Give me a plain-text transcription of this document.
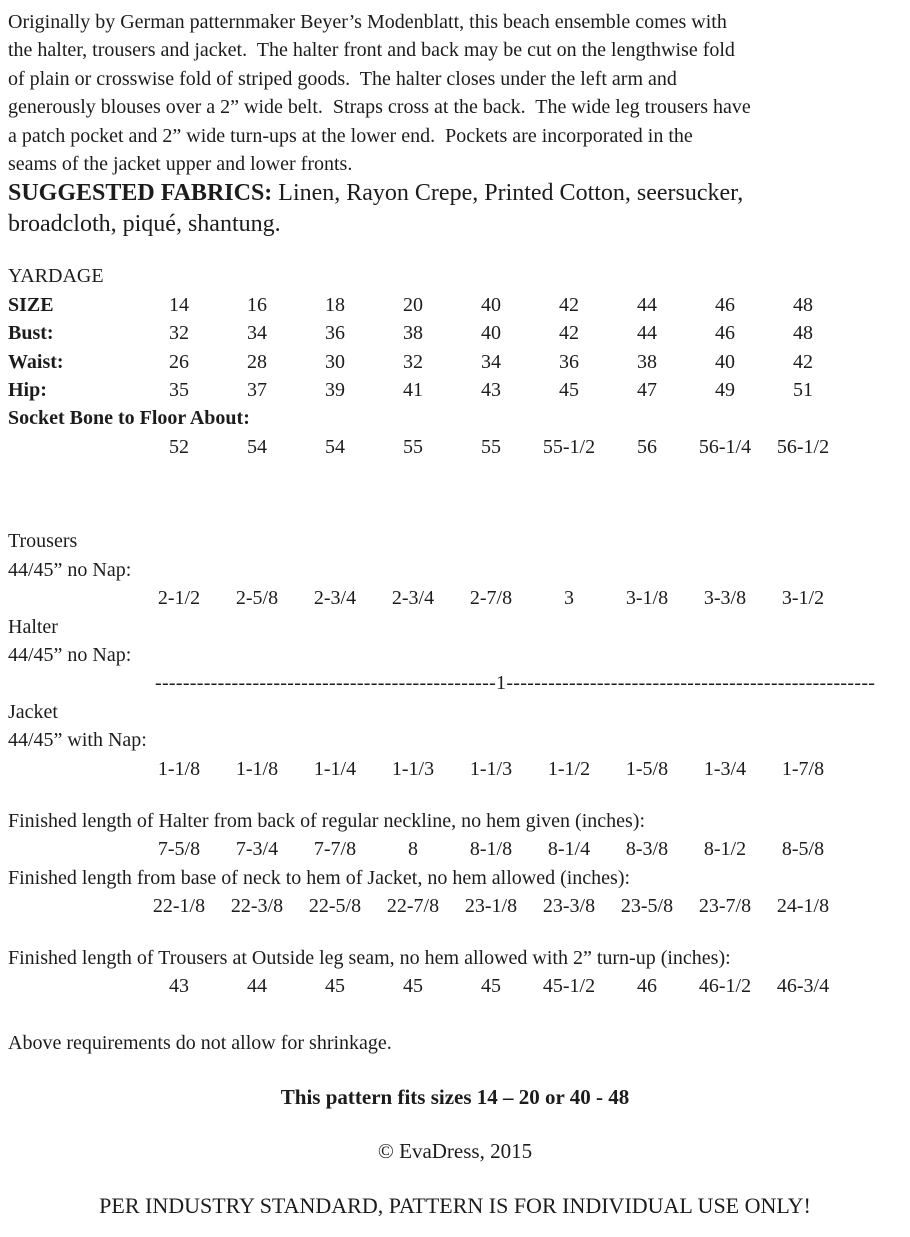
Originally by German patternmaker Beyer’s Modenblatt, this beach ensemble comes with
the halter, trousers and jacket.  The halter front and back may be cut on the lengthwise fold
of plain or crosswise fold of striped goods.  The halter closes under the left arm and
generously blouses over a 2” wide belt.  Straps cross at the back.  The wide leg trousers have
a patch pocket and 2” wide turn-ups at the lower end.  Pockets are incorporated in the
seams of the jacket upper and lower fronts.
SUGGESTED FABRICS: Linen, Rayon Crepe, Printed Cotton, seersucker,
broadcloth, piqué, shantung.
YARDAGE
SIZE	14	16	18	20	40	42	44	46	48
Bust:	32	34	36	38	40	42	44	46	48
Waist:	26	28	30	32	34	36	38	40	42
Hip:	35	37	39	41	43	45	47	49	51
Socket Bone to Floor About:
52	54	54	55	55	55-1/2	56	56-1/4	56-1/2
Trousers
44/45” no Nap:
2-1/2	2-5/8	2-3/4	2-3/4	2-7/8	3	3-1/8	3-3/8	3-1/2
Halter
44/45” no Nap:
-------------------------------------------------1-----------------------------------------------------
Jacket
44/45” with Nap:
1-1/8	1-1/8	1-1/4	1-1/3	1-1/3	1-1/2	1-5/8	1-3/4	1-7/8
Finished length of Halter from back of regular neckline, no hem given (inches):
7-5/8	7-3/4	7-7/8	8	8-1/8	8-1/4	8-3/8	8-1/2	8-5/8
Finished length from base of neck to hem of Jacket, no hem allowed (inches):
22-1/8	22-3/8	22-5/8	22-7/8	23-1/8	23-3/8	23-5/8	23-7/8	24-1/8
Finished length of Trousers at Outside leg seam, no hem allowed with 2” turn-up (inches):
43	44	45	45	45	45-1/2	46	46-1/2	46-3/4
Above requirements do not allow for shrinkage.
This pattern fits sizes 14 – 20 or 40 - 48
© EvaDress, 2015
PER INDUSTRY STANDARD, PATTERN IS FOR INDIVIDUAL USE ONLY!
